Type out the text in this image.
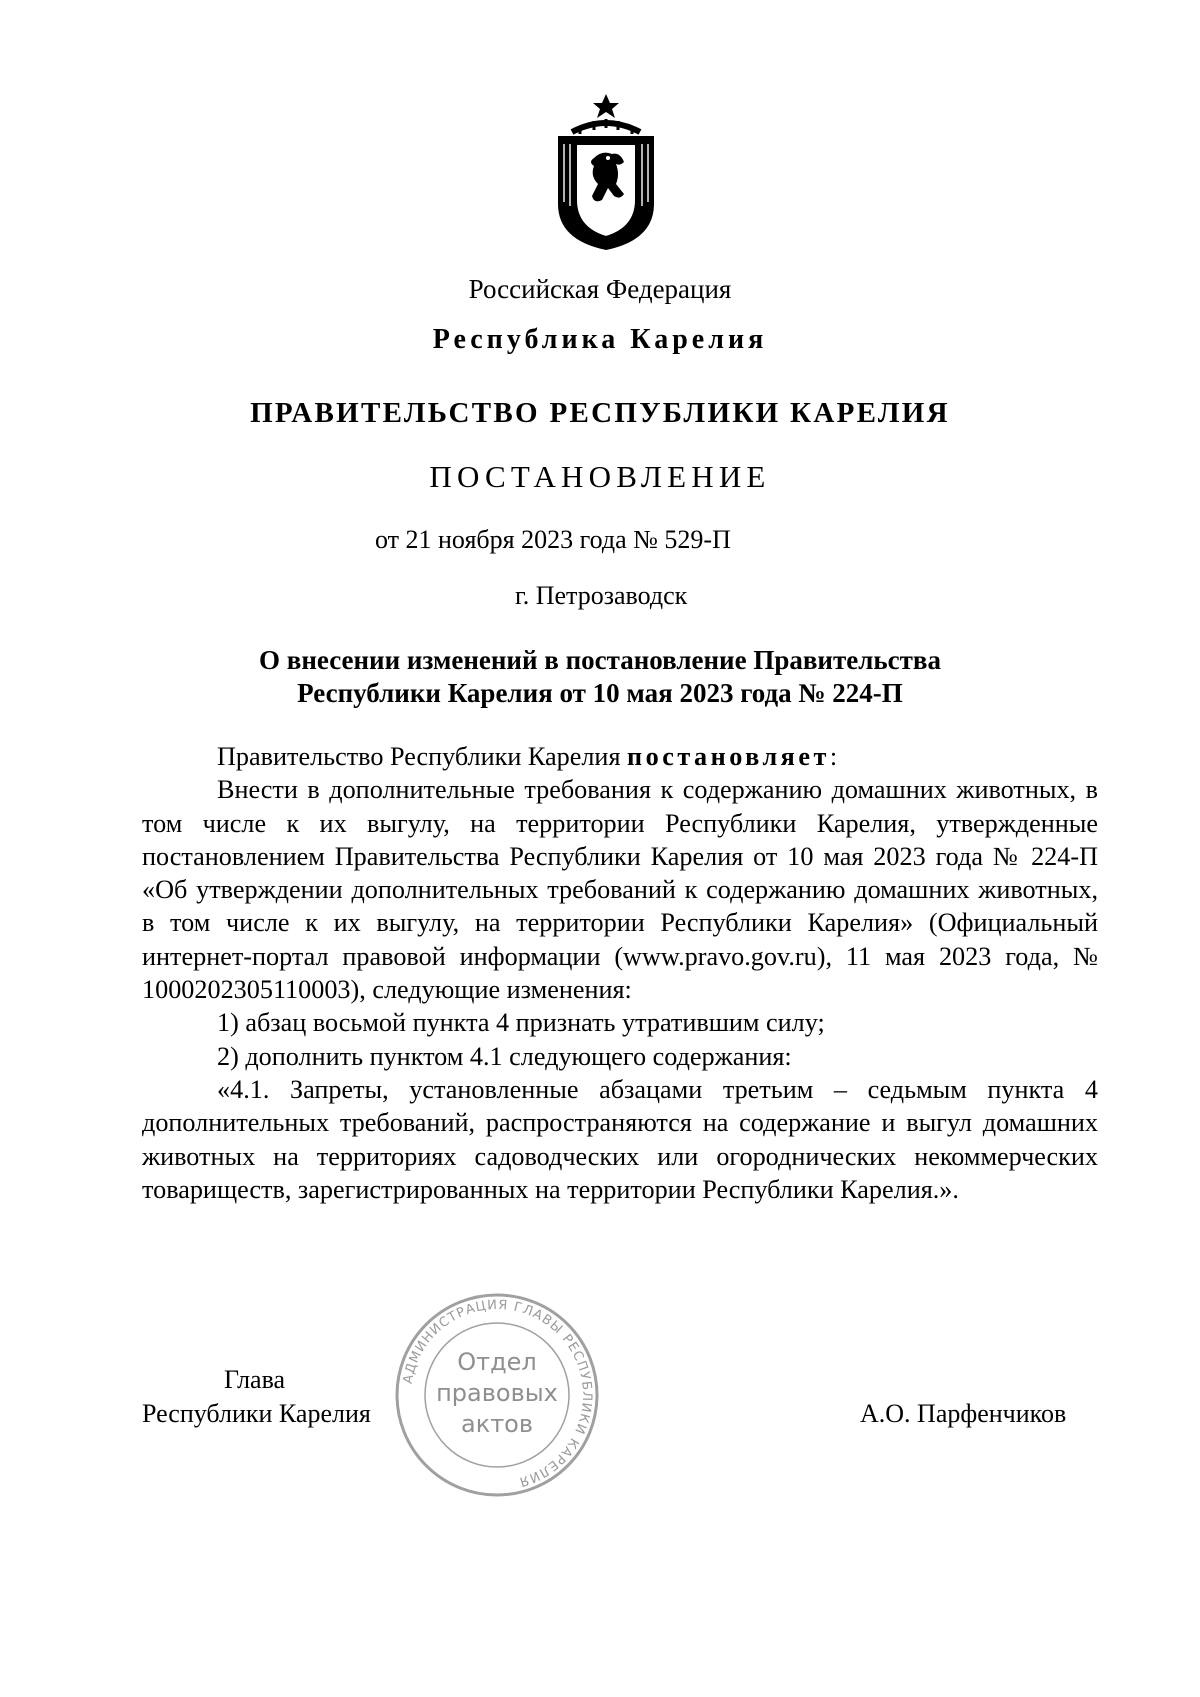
Российская Федерация
Республика Карелия
ПРАВИТЕЛЬСТВО РЕСПУБЛИКИ КАРЕЛИЯ
ПОСТАНОВЛЕНИЕ
от 21 ноября 2023 года № 529-П
г. Петрозаводск
О внесении изменений в постановление Правительства
Республики Карелия от 10 мая 2023 года № 224-П

Правительство Республики Карелия постановляет:

Внести в дополнительные требования к содержанию домашних животных, в том числе к их выгулу, на территории Республики Карелия, утвержденные постановлением Правительства Республики Карелия от 10 мая 2023 года № 224-П «Об утверждении дополнительных требований к содержанию домашних животных, в том числе к их выгулу, на территории Республики Карелия» (Официальный интернет-портал правовой информации (www.pravo.gov.ru), 11 мая 2023 года, № 1000202305110003), следующие изменения:

1) абзац восьмой пункта 4 признать утратившим силу;

2) дополнить пунктом 4.1 следующего содержания:

«4.1. Запреты, установленные абзацами третьим – седьмым пункта 4 дополнительных требований, распространяются на содержание и выгул домашних животных на территориях садоводческих или огороднических некоммерческих товариществ, зарегистрированных на территории Республики Карелия.».

Глава
Республики Карелия	А.О. Парфенчиков
АДМИНИСТРАЦИЯ ГЛАВЫ РЕСПУБЛИКИ КАРЕЛИЯ
Отдел
правовых
актов
